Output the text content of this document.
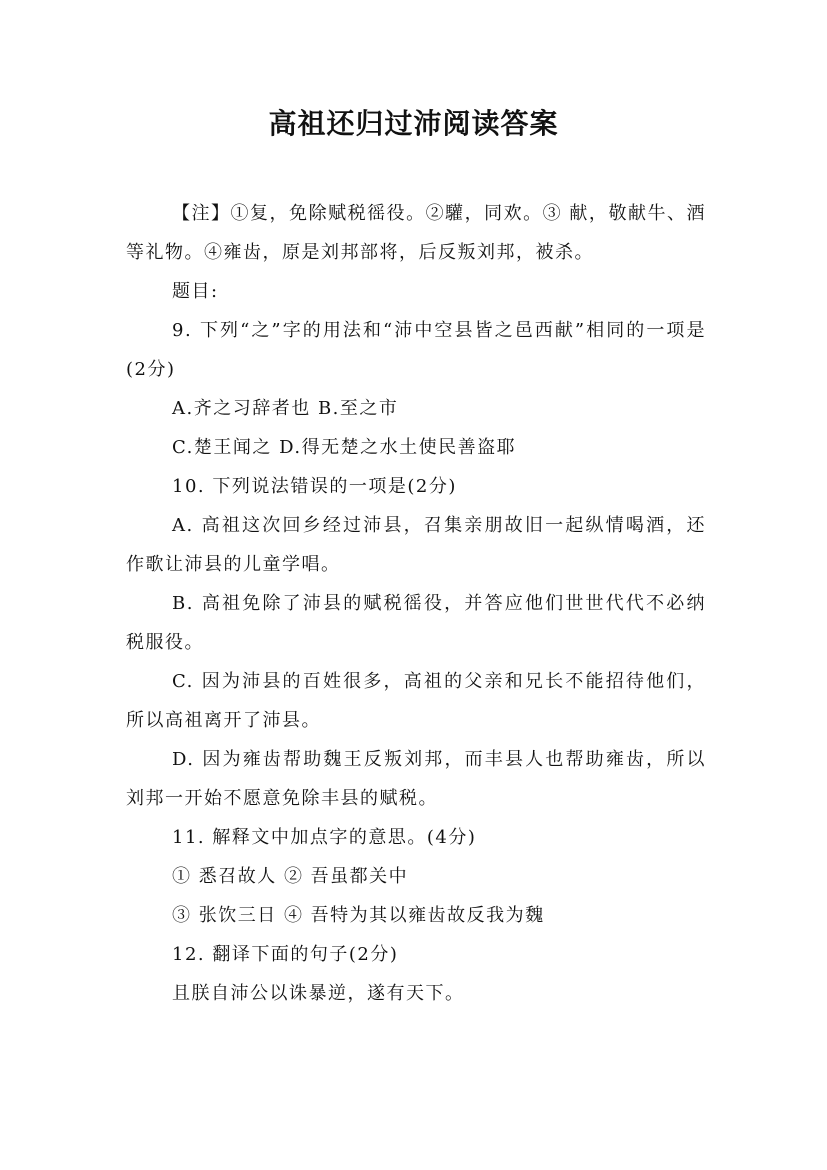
高祖还归过沛阅读答案

【注】①复，免除赋税徭役。②驩，同欢。③ 献，敬献牛、酒等礼物。④雍齿，原是刘邦部将，后反叛刘邦，被杀。

题目:

9. 下列“之”字的用法和“沛中空县皆之邑西献”相同的一项是 (2分)

A.齐之习辞者也 B.至之市

C.楚王闻之 D.得无楚之水土使民善盗耶

10. 下列说法错误的一项是(2分)

A. 高祖这次回乡经过沛县，召集亲朋故旧一起纵情喝酒，还作歌让沛县的儿童学唱。

B. 高祖免除了沛县的赋税徭役，并答应他们世世代代不必纳税服役。

C. 因为沛县的百姓很多，高祖的父亲和兄长不能招待他们，所以高祖离开了沛县。

D. 因为雍齿帮助魏王反叛刘邦，而丰县人也帮助雍齿，所以刘邦一开始不愿意免除丰县的赋税。

11. 解释文中加点字的意思。(4分)

① 悉召故人 ② 吾虽都关中

③ 张饮三日 ④ 吾特为其以雍齿故反我为魏

12. 翻译下面的句子(2分)

且朕自沛公以诛暴逆，遂有天下。
